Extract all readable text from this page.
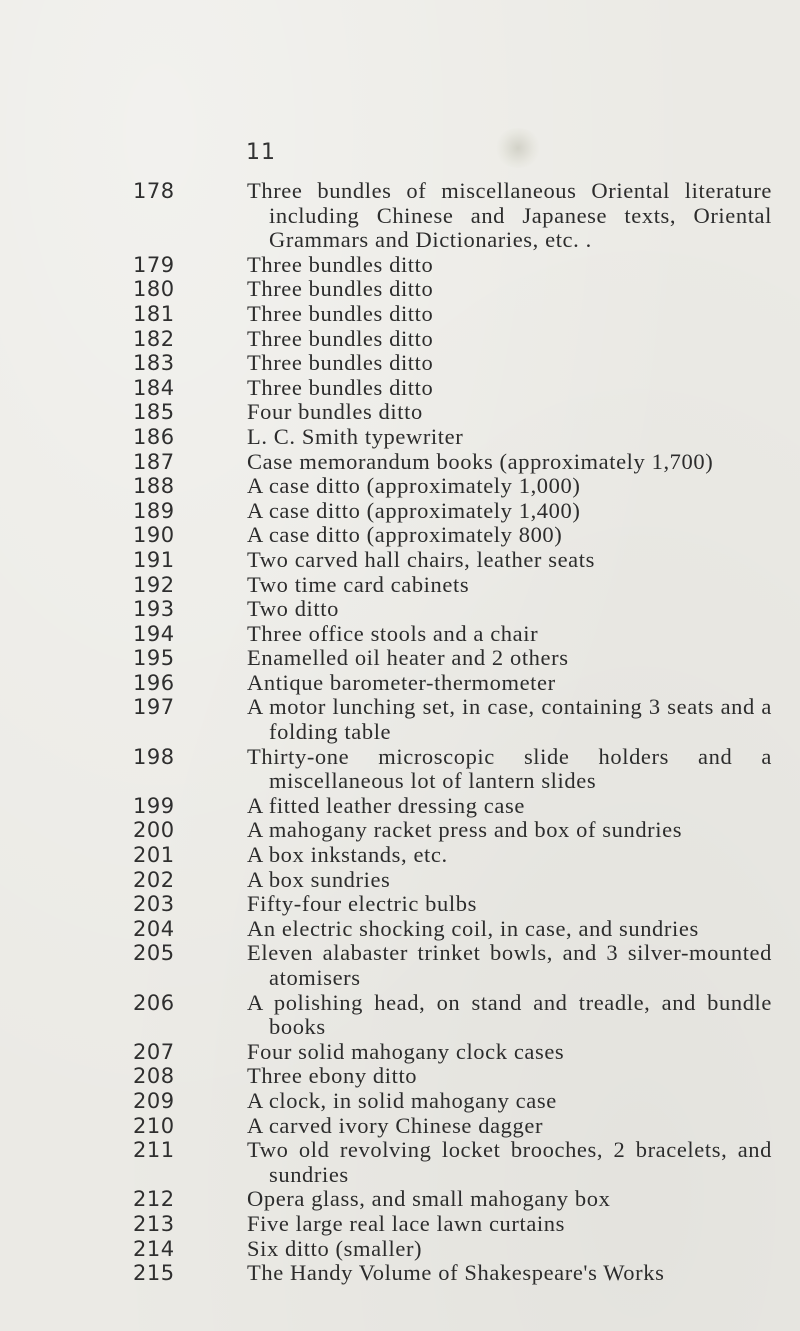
11
178	Three bundles of miscellaneous Oriental literature including Chinese and Japanese texts, Oriental Grammars and Dictionaries, etc. .
179	Three bundles ditto
180	Three bundles ditto
181	Three bundles ditto
182	Three bundles ditto
183	Three bundles ditto
184	Three bundles ditto
185	Four bundles ditto
186	L. C. Smith typewriter
187	Case memorandum books (approximately 1,700)
188	A case ditto (approximately 1,000)
189	A case ditto (approximately 1,400)
190	A case ditto (approximately 800)
191	Two carved hall chairs, leather seats
192	Two time card cabinets
193	Two ditto
194	Three office stools and a chair
195	Enamelled oil heater and 2 others
196	Antique barometer-thermometer
197	A motor lunching set, in case, containing 3 seats and a folding table
198	Thirty-one microscopic slide holders and a miscellaneous lot of lantern slides
199	A fitted leather dressing case
200	A mahogany racket press and box of sundries
201	A box inkstands, etc.
202	A box sundries
203	Fifty-four electric bulbs
204	An electric shocking coil, in case, and sundries
205	Eleven alabaster trinket bowls, and 3 silver-mounted atomisers
206	A polishing head, on stand and treadle, and bundle books
207	Four solid mahogany clock cases
208	Three ebony ditto
209	A clock, in solid mahogany case
210	A carved ivory Chinese dagger
211	Two old revolving locket brooches, 2 bracelets, and sundries
212	Opera glass, and small mahogany box
213	Five large real lace lawn curtains
214	Six ditto (smaller)
215	The Handy Volume of Shakespeare's Works
